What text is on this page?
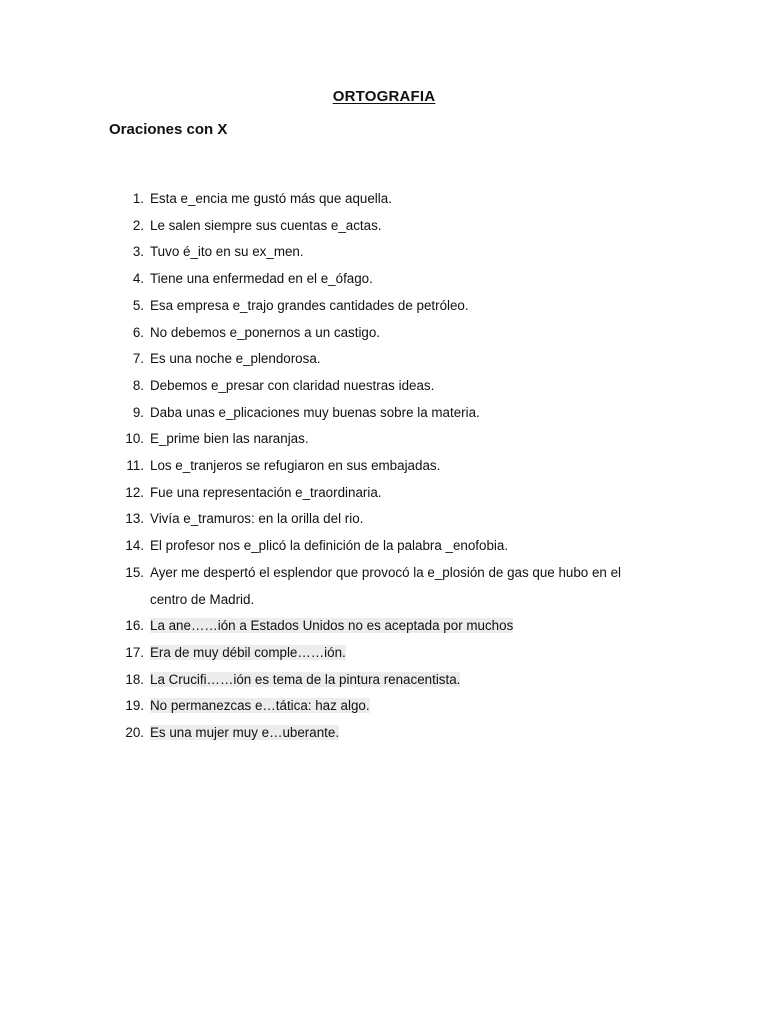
ORTOGRAFIA
Oraciones con X
1. Esta e_encia me gustó más que aquella.
2. Le salen siempre sus cuentas e_actas.
3. Tuvo é_ito en su ex_men.
4. Tiene una enfermedad en el e_ófago.
5. Esa empresa e_trajo grandes cantidades de petróleo.
6. No debemos e_ponernos a un castigo.
7. Es una noche e_plendorosa.
8. Debemos e_presar con claridad nuestras ideas.
9. Daba unas e_plicaciones muy buenas sobre la materia.
10. E_prime bien las naranjas.
11. Los e_tranjeros se refugiaron en sus embajadas.
12. Fue una representación e_traordinaria.
13. Vivía e_tramuros: en la orilla del rio.
14. El profesor nos e_plicó la definición de la palabra _enofobia.
15. Ayer me despertó el esplendor que provocó la e_plosión de gas que hubo en el centro de Madrid.
16. La ane……ión a Estados Unidos no es aceptada por muchos
17. Era de muy débil comple……ión.
18. La Crucifi……ión es tema de la pintura renacentista.
19. No permanezcas e…tática: haz algo.
20. Es una mujer muy e…uberante.
